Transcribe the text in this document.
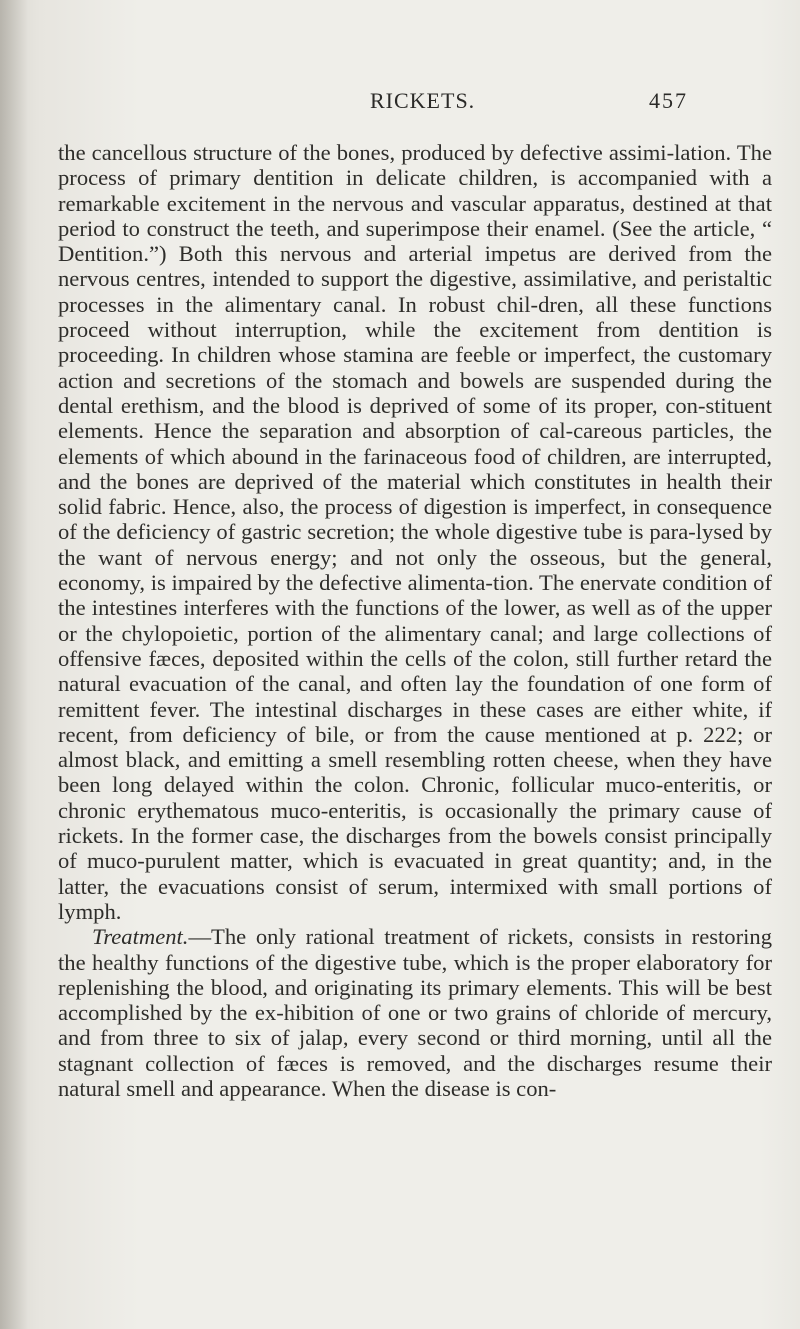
RICKETS.	457

the cancellous structure of the bones, produced by defective assimi-lation. The process of primary dentition in delicate children, is accompanied with a remarkable excitement in the nervous and vascular apparatus, destined at that period to construct the teeth, and superimpose their enamel. (See the article, “ Dentition.”) Both this nervous and arterial impetus are derived from the nervous centres, intended to support the digestive, assimilative, and peristaltic processes in the alimentary canal. In robust chil-dren, all these functions proceed without interruption, while the excitement from dentition is proceeding. In children whose stamina are feeble or imperfect, the customary action and secretions of the stomach and bowels are suspended during the dental erethism, and the blood is deprived of some of its proper, con-stituent elements. Hence the separation and absorption of cal-careous particles, the elements of which abound in the farinaceous food of children, are interrupted, and the bones are deprived of the material which constitutes in health their solid fabric. Hence, also, the process of digestion is imperfect, in consequence of the deficiency of gastric secretion; the whole digestive tube is para-lysed by the want of nervous energy; and not only the osseous, but the general, economy, is impaired by the defective alimenta-tion. The enervate condition of the intestines interferes with the functions of the lower, as well as of the upper or the chylopoietic, portion of the alimentary canal; and large collections of offensive fæces, deposited within the cells of the colon, still further retard the natural evacuation of the canal, and often lay the foundation of one form of remittent fever. The intestinal discharges in these cases are either white, if recent, from deficiency of bile, or from the cause mentioned at p. 222; or almost black, and emitting a smell resembling rotten cheese, when they have been long delayed within the colon. Chronic, follicular muco-enteritis, or chronic erythematous muco-enteritis, is occasionally the primary cause of rickets. In the former case, the discharges from the bowels consist principally of muco-purulent matter, which is evacuated in great quantity; and, in the latter, the evacuations consist of serum, intermixed with small portions of lymph.

Treatment.—The only rational treatment of rickets, consists in restoring the healthy functions of the digestive tube, which is the proper elaboratory for replenishing the blood, and originating its primary elements. This will be best accomplished by the ex-hibition of one or two grains of chloride of mercury, and from three to six of jalap, every second or third morning, until all the stagnant collection of fæces is removed, and the discharges resume their natural smell and appearance. When the disease is con-
